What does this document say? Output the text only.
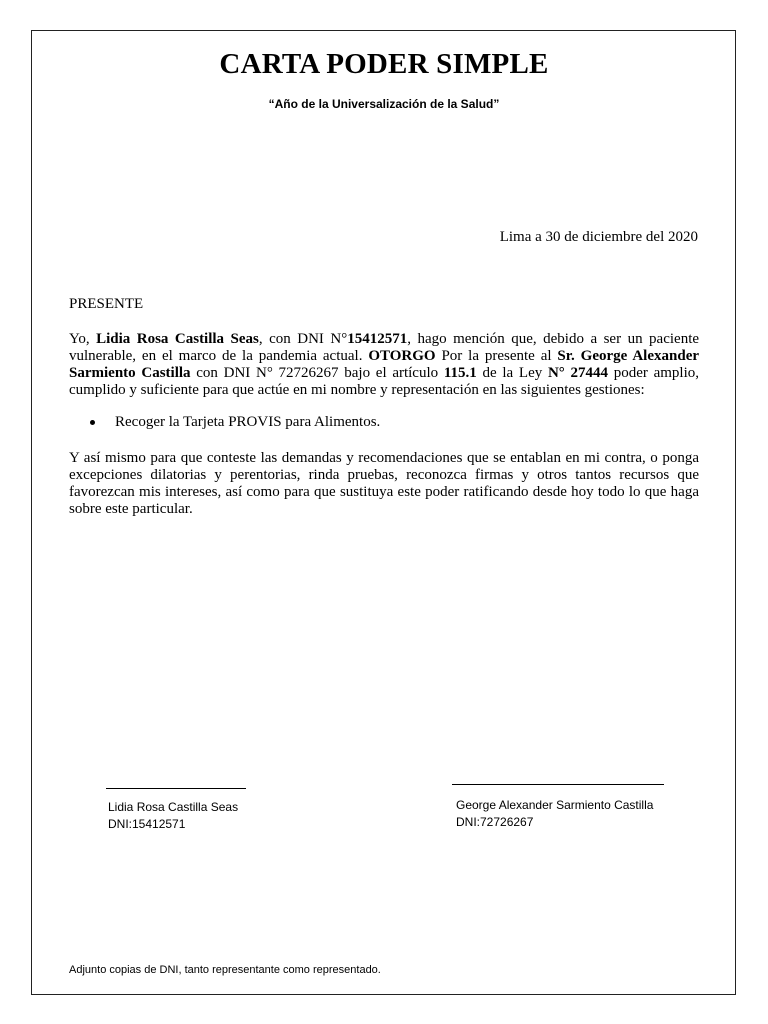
CARTA PODER SIMPLE
“Año de la Universalización de la Salud”
Lima a 30 de diciembre del 2020
PRESENTE

Yo, Lidia Rosa Castilla Seas, con DNI N°15412571, hago mención que, debido a ser un paciente vulnerable, en el marco de la pandemia actual. OTORGO Por la presente al Sr. George Alexander Sarmiento Castilla con DNI N° 72726267 bajo el artículo 115.1 de la Ley N° 27444 poder amplio, cumplido y suficiente para que actúe en mi nombre y representación en las siguientes gestiones:

Recoger la Tarjeta PROVIS para Alimentos.

Y así mismo para que conteste las demandas y recomendaciones que se entablan en mi contra, o ponga excepciones dilatorias y perentorias, rinda pruebas, reconozca firmas y otros tantos recursos que favorezcan mis intereses, así como para que sustituya este poder ratificando desde hoy todo lo que haga sobre este particular.

Lidia Rosa Castilla Seas
DNI:15412571
George Alexander Sarmiento Castilla
DNI:72726267
Adjunto copias de DNI, tanto representante como representado.
